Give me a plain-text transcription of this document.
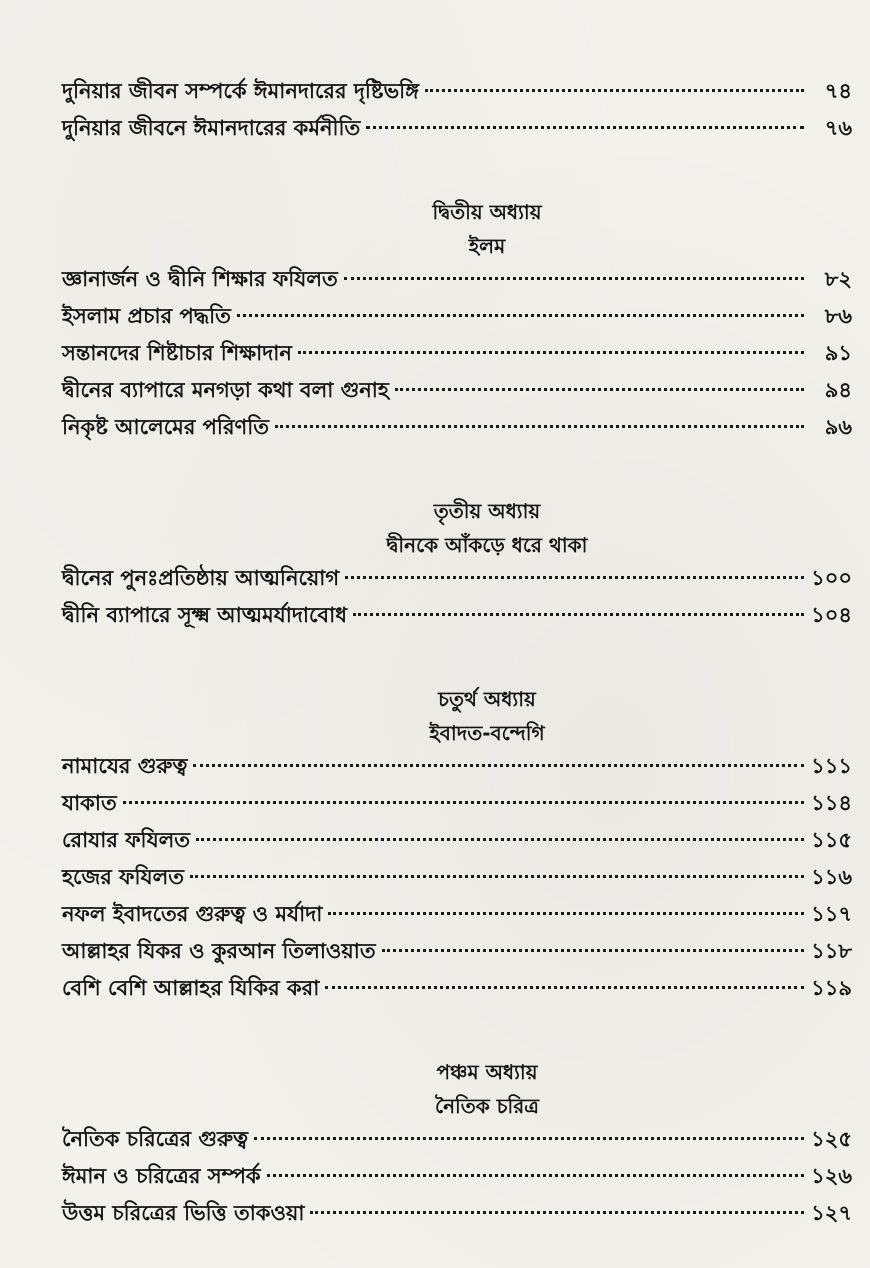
দুনিয়ার জীবন সম্পর্কে ঈমানদারের দৃষ্টিভঙ্গি	৭৪
দুনিয়ার জীবনে ঈমানদারের কর্মনীতি	৭৬
দ্বিতীয় অধ্যায়
ইলম
জ্ঞানার্জন ও দ্বীনি শিক্ষার ফযিলত	৮২
ইসলাম প্রচার পদ্ধতি	৮৬
সন্তানদের শিষ্টাচার শিক্ষাদান	৯১
দ্বীনের ব্যাপারে মনগড়া কথা বলা গুনাহ	৯৪
নিকৃষ্ট আলেমের পরিণতি	৯৬
তৃতীয় অধ্যায়
দ্বীনকে আঁকড়ে ধরে থাকা
দ্বীনের পুনঃপ্রতিষ্ঠায় আত্মনিয়োগ	১০০
দ্বীনি ব্যাপারে সূক্ষ্ম আত্মমর্যাদাবোধ	১০৪
চতুর্থ অধ্যায়
ইবাদত-বন্দেগি
নামাযের গুরুত্ব	১১১
যাকাত	১১৪
রোযার ফযিলত	১১৫
হজের ফযিলত	১১৬
নফল ইবাদতের গুরুত্ব ও মর্যাদা	১১৭
আল্লাহর যিকর ও কুরআন তিলাওয়াত	১১৮
বেশি বেশি আল্লাহর যিকির করা	১১৯
পঞ্চম অধ্যায়
নৈতিক চরিত্র
নৈতিক চরিত্রের গুরুত্ব	১২৫
ঈমান ও চরিত্রের সম্পর্ক	১২৬
উত্তম চরিত্রের ভিত্তি তাকওয়া	১২৭
